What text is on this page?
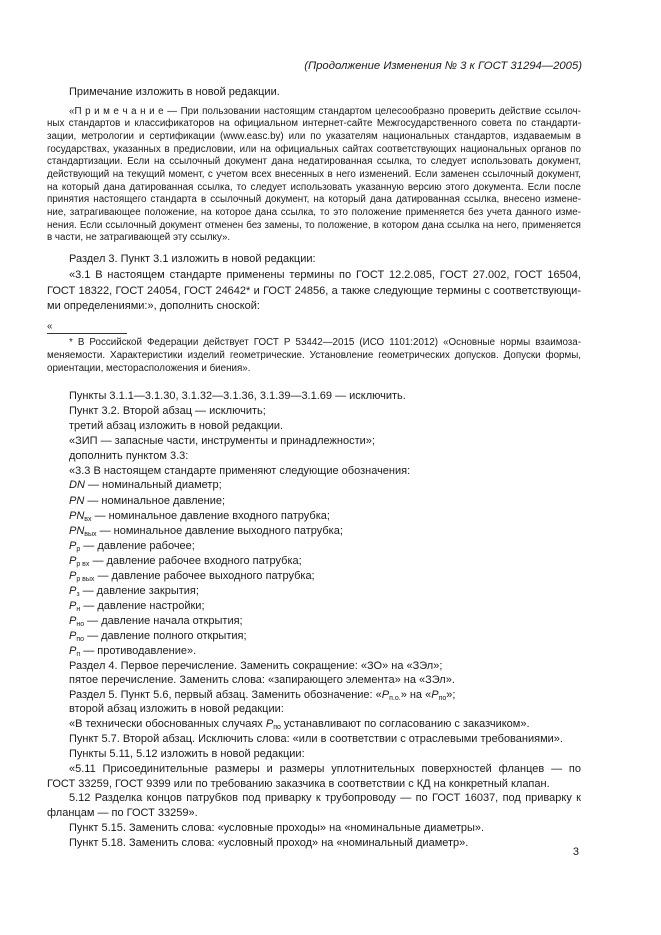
(Продолжение Изменения № 3 к ГОСТ 31294—2005)
Примечание изложить в новой редакции.
«П р и м е ч а н и е — При пользовании настоящим стандартом целесообразно проверить действие ссылоч-
ных стандартов и классификаторов на официальном интернет-сайте Межгосударственного совета по стандарти-
зации, метрологии и сертификации (www.easc.by) или по указателям национальных стандартов, издаваемым в
государствах, указанных в предисловии, или на официальных сайтах соответствующих национальных органов по
стандартизации. Если на ссылочный документ дана недатированная ссылка, то следует использовать документ,
действующий на текущий момент, с учетом всех внесенных в него изменений. Если заменен ссылочный документ,
на который дана датированная ссылка, то следует использовать указанную версию этого документа. Если после
принятия настоящего стандарта в ссылочный документ, на который дана датированная ссылка, внесено измене-
ние, затрагивающее положение, на которое дана ссылка, то это положение применяется без учета данного изме-
нения. Если ссылочный документ отменен без замены, то положение, в котором дана ссылка на него, применяется
в части, не затрагивающей эту ссылку».
Раздел 3. Пункт 3.1 изложить в новой редакции:
«3.1 В настоящем стандарте применены термины по ГОСТ 12.2.085, ГОСТ 27.002, ГОСТ 16504,
ГОСТ 18322, ГОСТ 24054, ГОСТ 24642* и ГОСТ 24856, а также следующие термины с соответствующи-
ми определениями:», дополнить сноской:
«
* В Российской Федерации действует ГОСТ Р 53442—2015 (ИСО 1101:2012) «Основные нормы взаимоза-
меняемости. Характеристики изделий геометрические. Установление геометрических допусков. Допуски формы,
ориентации, месторасположения и биения».
Пункты 3.1.1—3.1.30, 3.1.32—3.1.36, 3.1.39—3.1.69 — исключить.
Пункт 3.2. Второй абзац — исключить;
третий абзац изложить в новой редакции.
«ЗИП — запасные части, инструменты и принадлежности»;
дополнить пунктом 3.3:
«3.3 В настоящем стандарте применяют следующие обозначения:
DN — номинальный диаметр;
PN — номинальное давление;
$PN_{вх}$ — номинальное давление входного патрубка;
$PN_{вых}$ — номинальное давление выходного патрубка;
$P_р$ — давление рабочее;
$P_{р вх}$ — давление рабочее входного патрубка;
$P_{р вых}$ — давление рабочее выходного патрубка;
$P_з$ — давление закрытия;
$P_н$ — давление настройки;
$P_{но}$ — давление начала открытия;
$P_{по}$ — давление полного открытия;
$P_п$ — противодавление».
Раздел 4. Первое перечисление. Заменить сокращение: «ЗО» на «ЗЭл»;
пятое перечисление. Заменить слова: «запирающего элемента» на «ЗЭл».
Раздел 5. Пункт 5.6, первый абзац. Заменить обозначение: «$P_{п.о.}$» на «$P_{по}$»;
второй абзац изложить в новой редакции:
«В технически обоснованных случаях $P_{по}$ устанавливают по согласованию с заказчиком».
Пункт 5.7. Второй абзац. Исключить слова: «или в соответствии с отраслевыми требованиями».
Пункты 5.11, 5.12 изложить в новой редакции:
«5.11 Присоединительные размеры и размеры уплотнительных поверхностей фланцев — по
ГОСТ 33259, ГОСТ 9399 или по требованию заказчика в соответствии с КД на конкретный клапан.
5.12 Разделка концов патрубков под приварку к трубопроводу — по ГОСТ 16037, под приварку к
фланцам — по ГОСТ 33259».
Пункт 5.15. Заменить слова: «условные проходы» на «номинальные диаметры».
Пункт 5.18. Заменить слова: «условный проход» на «номинальный диаметр».
3
